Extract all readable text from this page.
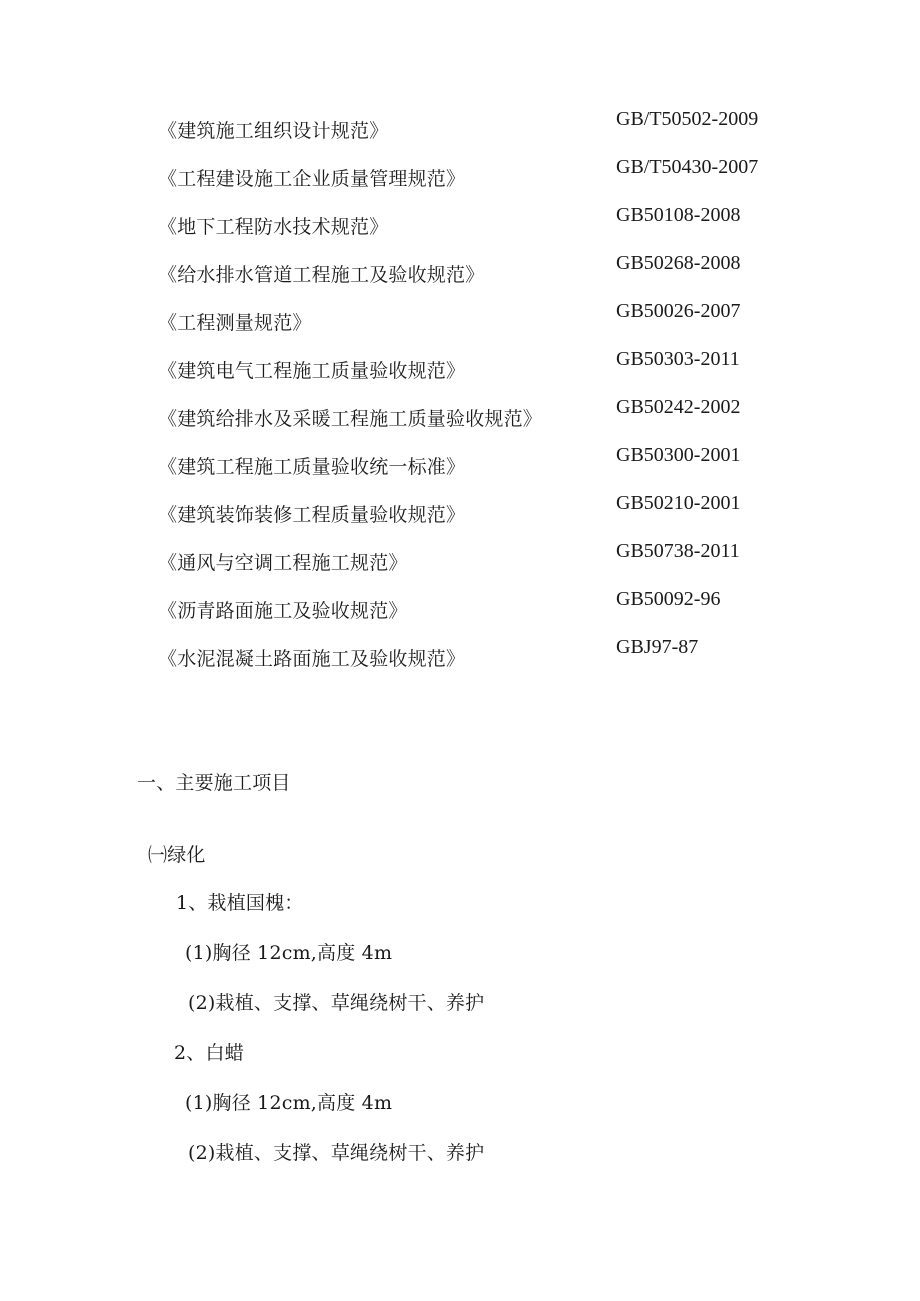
《建筑施工组织设计规范》
GB/T50502-2009
《工程建设施工企业质量管理规范》
GB/T50430-2007
《地下工程防水技术规范》
GB50108-2008
《给水排水管道工程施工及验收规范》
GB50268-2008
《工程测量规范》
GB50026-2007
《建筑电气工程施工质量验收规范》
GB50303-2011
《建筑给排水及采暖工程施工质量验收规范》
GB50242-2002
《建筑工程施工质量验收统一标准》
GB50300-2001
《建筑装饰装修工程质量验收规范》
GB50210-2001
《通风与空调工程施工规范》
GB50738-2011
《沥青路面施工及验收规范》
GB50092-96
《水泥混凝土路面施工及验收规范》
GBJ97-87
一、主要施工项目
㈠绿化
1、栽植国槐：
(1)胸径 12cm,高度 4m
(2)栽植、支撑、草绳绕树干、养护
2、白蜡
(1)胸径 12cm,高度 4m
(2)栽植、支撑、草绳绕树干、养护
